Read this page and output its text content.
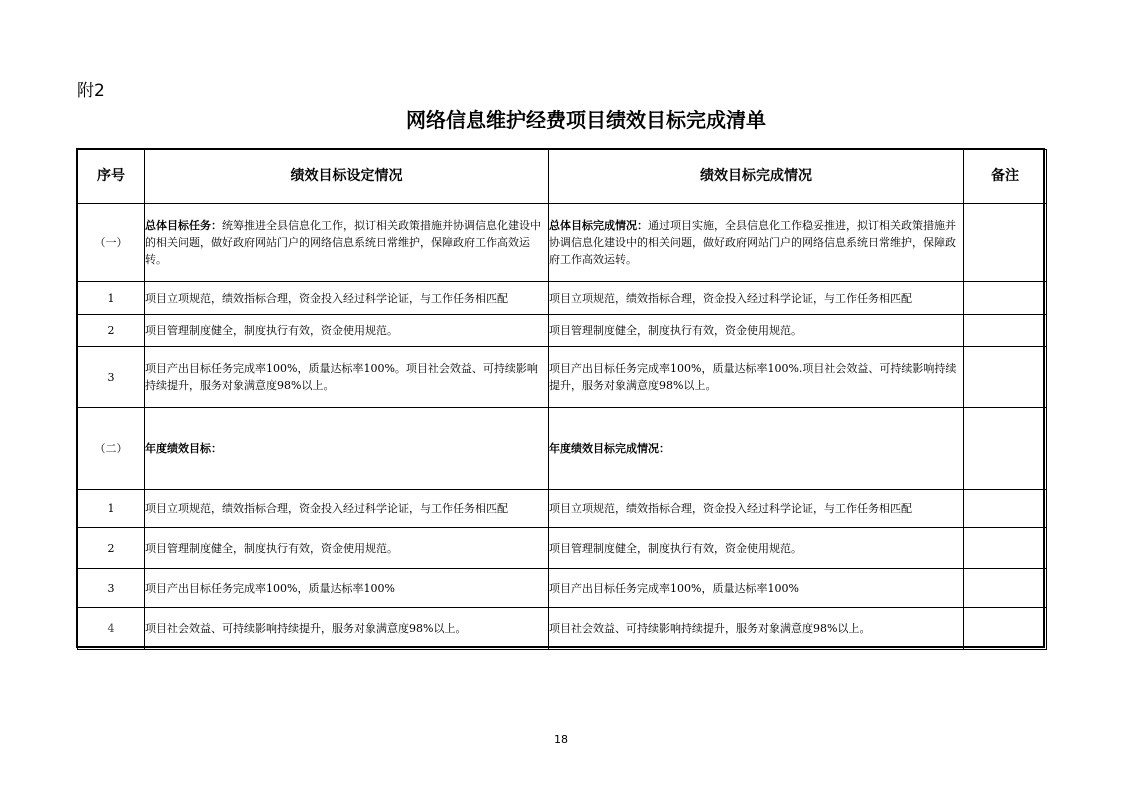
附2
网络信息维护经费项目绩效目标完成清单
序号	绩效目标设定情况	绩效目标完成情况	备注
（一）	总体目标任务：统筹推进全县信息化工作，拟订相关政策措施并协调信息化建设中的相关问题，做好政府网站门户的网络信息系统日常维护，保障政府工作高效运转。	总体目标完成情况：通过项目实施，全县信息化工作稳妥推进，拟订相关政策措施并协调信息化建设中的相关问题，做好政府网站门户的网络信息系统日常维护，保障政府工作高效运转。	
1	项目立项规范，绩效指标合理，资金投入经过科学论证，与工作任务相匹配	项目立项规范，绩效指标合理，资金投入经过科学论证，与工作任务相匹配	
2	项目管理制度健全，制度执行有效，资金使用规范。	项目管理制度健全，制度执行有效，资金使用规范。	
3	项目产出目标任务完成率100%，质量达标率100%。项目社会效益、可持续影响持续提升，服务对象满意度98%以上。	项目产出目标任务完成率100%，质量达标率100%.项目社会效益、可持续影响持续提升，服务对象满意度98%以上。	
（二）	年度绩效目标：	年度绩效目标完成情况：	
1	项目立项规范，绩效指标合理，资金投入经过科学论证，与工作任务相匹配	项目立项规范，绩效指标合理，资金投入经过科学论证，与工作任务相匹配	
2	项目管理制度健全，制度执行有效，资金使用规范。	项目管理制度健全，制度执行有效，资金使用规范。	
3	项目产出目标任务完成率100%，质量达标率100%	项目产出目标任务完成率100%，质量达标率100%	
4	项目社会效益、可持续影响持续提升，服务对象满意度98%以上。	项目社会效益、可持续影响持续提升，服务对象满意度98%以上。	
18
